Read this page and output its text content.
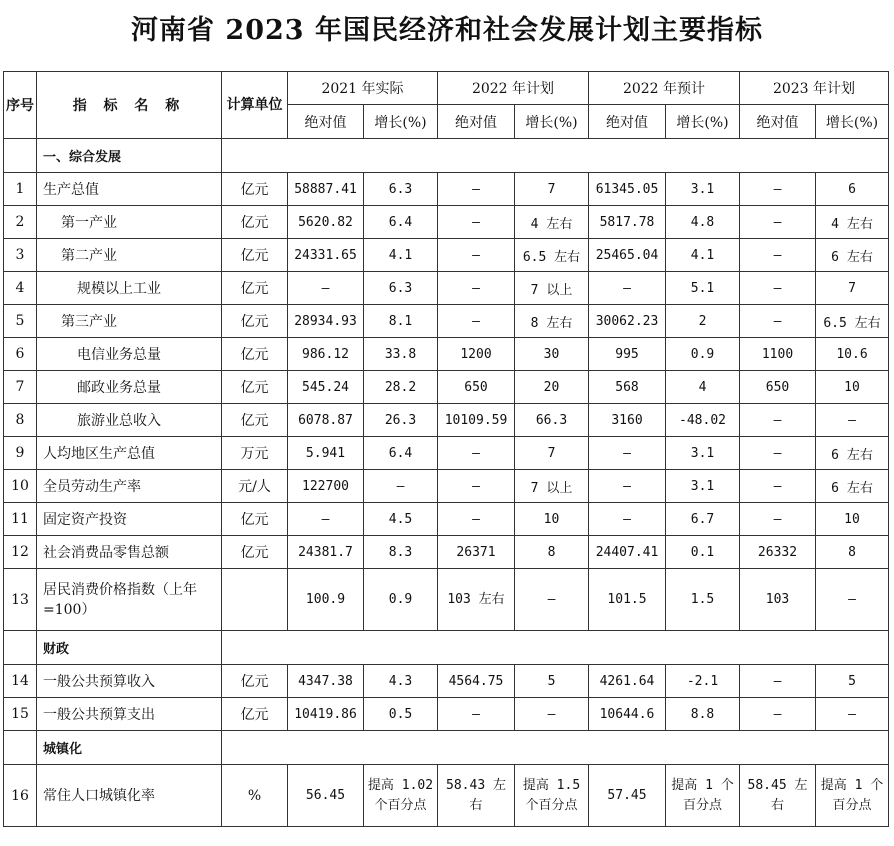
河南省 2023 年国民经济和社会发展计划主要指标
序号	指 标 名 称	计算单位	2021 年实际		2022 年计划		2022 年预计		2023 年计划	
			绝对值	增长(%)	绝对值	增长(%)	绝对值	增长(%)	绝对值	增长(%)
	一、综合发展									
1	生产总值	亿元	58887.41	6.3	—	7	61345.05	3.1	—	6
2	第一产业	亿元	5620.82	6.4	—	4 左右	5817.78	4.8	—	4 左右
3	第二产业	亿元	24331.65	4.1	—	6.5 左右	25465.04	4.1	—	6 左右
4	规模以上工业	亿元	—	6.3	—	7 以上	—	5.1	—	7
5	第三产业	亿元	28934.93	8.1	—	8 左右	30062.23	2	—	6.5 左右
6	电信业务总量	亿元	986.12	33.8	1200	30	995	0.9	1100	10.6
7	邮政业务总量	亿元	545.24	28.2	650	20	568	4	650	10
8	旅游业总收入	亿元	6078.87	26.3	10109.59	66.3	3160	-48.02	—	—
9	人均地区生产总值	万元	5.941	6.4	—	7	—	3.1	—	6 左右
10	全员劳动生产率	元/人	122700	—	—	7 以上	—	3.1	—	6 左右
11	固定资产投资	亿元	—	4.5	—	10	—	6.7	—	10
12	社会消费品零售总额	亿元	24381.7	8.3	26371	8	24407.41	0.1	26332	8
13	居民消费价格指数（上年=100）		100.9	0.9	103 左右	—	101.5	1.5	103	—
	财政									
14	一般公共预算收入	亿元	4347.38	4.3	4564.75	5	4261.64	-2.1	—	5
15	一般公共预算支出	亿元	10419.86	0.5	—	—	10644.6	8.8	—	—
	城镇化									
16	常住人口城镇化率	%	56.45	提高 1.02 个百分点	58.43 左右	提高 1.5 个百分点	57.45	提高 1 个百分点	58.45 左右	提高 1 个百分点
